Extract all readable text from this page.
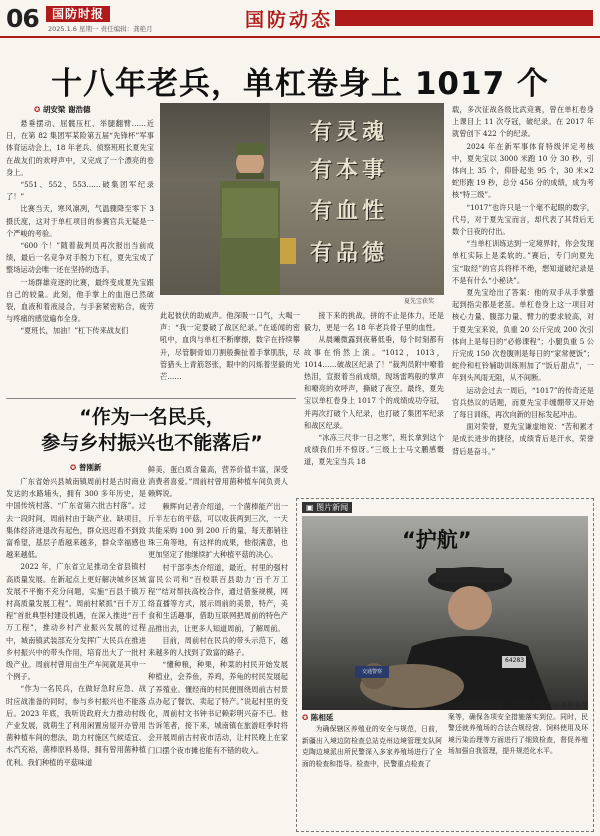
06	国防时报
2025.1.6 星期一 责任编辑：龚艳月	国防动态
十八年老兵，单杠卷身上 1017 个
✪ 胡安梁 谢浩德

悬垂摆动、屈髋压杠、举腿翻臂……近日，在第 82 集团军某险第五届“先锋杯”军事体育运动会上，18 年老兵、侦察班班长夏先宝在战友们的欢呼声中，又完成了一个漂亮的卷身上。

“551、552、553……破集团军纪录了！”

比赛当天，寒风凛冽，气温骤降至零下 3 摄氏度，这对于单杠项目的参赛官兵无疑是一个严峻的考验。

“600 个！”随着裁判员再次报出当前成绩，最后一名竞争对手脱力下杠，夏先宝成了整场运动会唯一还在坚持的选手。

一场群雄竞逐的比赛，最终变成夏先宝跟自己的较量。此刻，他手掌上的血泡已然破裂，血液和着液浸合，与手套紧密粘合，疲劳与疼痛的感觉遍布全身。

“夏班长，加油！”杠下传来战友们

有灵魂
有本事
有血性
有品德
夏先宝获奖

此起彼伏的助威声。他深吸一口气，大喝一声：“我一定要破了战区纪录。”在遥闻的密吼中，血肉与单杠不断摩擦，数字在持续攀升，尽管胴骨如刀割般撕扯着手掌肌肤，尽管猎头上青筋怒张，眼中的闪烁着坚毅的光芒……

接下来的挑战，拼的不止是体力，还是毅力，更是一名 18 年老兵骨子里的血性。

从晨曦微露到夜幕低垂，每个时刻都有故事在悄然上演。“1012，1013，1014……破战区纪录了！”裁判员附中嘹着热泪，宣报着当前成绩，现场雷鸣般的掌声和嘹亮的欢呼声，撕破了夜空。最终，夏先宝以单杠卷身上 1017 个的成绩成功夺冠，并再次打破个人纪录，也打破了集团军纪录和战区纪录。

“冰冻三尺非一日之寒”，班长拿到这个成绩我们并不惊讶。”三级上士马文鹏感慨道，夏先宝当兵 18

载，多次征战各级比武竞赛，曾在单杠卷身上课目上 11 次夺冠，破纪录。在 2017 年就曾创下 422 个的纪录。

2024 年在新军事体育特级评定考核中，夏先宝以 3000 米跑 10 分 30 秒，引体向上 35 个，仰卧起坐 95 个，30 米×2 蛇形跑 19 秒，总分 456 分的成绩，成为考核“特三级”。

“1017”也许只是一个毫不起眼的数字，代号，对于夏先宝而言，却代表了其背后无数个日夜的付出。

“当单杠训练达到一定境界时，你会发现单杠实际上是柔软的。”赛后，专门向夏先宝“取经”的官兵将样不绝，想知道破纪录是不是有什么“小秘诀”。

夏先宝给出了答案：他的双手从手掌蹙起到指尖都是老茧。单杠卷身上这一项目对核心力量、腹部力量、臂力的要求较高，对于夏先宝来说，负重 20 公斤完成 200 次引体向上是每日的“必修课程”；小腿负重 5 公斤完成 150 次卷腹则是每日的“家常便饭”；蛇伶和杠铃辅助训练则加了“饭后甜点”，一年到头风雨无阻，从不间断。

运动会过去一周后，“1017”的传奇还是官兵热议的话题，而夏先宝手缠绷带又开始了每日训练，再次向新的目标发起冲击。

面对荣誉，夏先宝谦虚地说：“苦和累才是成长进步的捷径，成绩背后是汗水，荣誉背后是奋斗。”

“作为一名民兵，
参与乡村振兴也不能落后”
✪ 曾刚新

广东省始兴县城南镇周前村是古时商业发达的水路埔头，拥有 300 多年历史，是中国传统村落、“广东省第六批古村落”。过去一段时间，周前村由于缺产业、缺项目，集体经济进退改有起色，群众迟迟看不到致富希望，基层子盾越来越多，群众幸福感也越来越低。

2022 年，广东省立足推动全省县镇村高质量发展。在新起点上更好解决城乡区域发展不平衡不充分问题，实施“百县千镇万村高质量发展工程”。周前村紧抓“百千万工程”首批典型村建设机遇，在深入推进“百千万工程”，推动乡村产业振兴发展的过程中，城南镇武装部充分发挥广大民兵在推进乡村振兴中的带头作用，培育出大了一批村级产业。周前村曾用亩生产车间就是其中一个例子。

“作为一名民兵，在做好急时应急、战时应战准备的同时，参与乡村振兴也不能落后。2023 年底，我听说政府大力推动村级产业发展，就萌生了利用闲置房屋开办曾用菌种植车间的想法，助力村施区气候适宜、水汽充裕，菌棒原料易得，拥有曾用菌种植优利。我们种植的平菇味道

鲜美，蛋白质含量高，营养价值丰富，深受消费者喜爱。”周前村曾用菌种植车间负责人赖辉说。

赖辉向记者介绍道，一个菌棒能产出一斤半左右的平菇，可以收获两到三次，一天共能采购 100 到 200 斤的量，每天都销往珠三角等地，有这样的成果，他很满意，也更加坚定了他继续扩大种植平菇的决心。

村干部李杰介绍道，最近，村里的强村富民公司和“百校联百县助力‘百千万工程’”结对帮扶高校合作，通过借鉴规模，网络直播等方式，展示周前的美景，特产，美食和生活趣事，借助互联网把周前的特色产品推出去，让更多人知道周前，了解周前。

目前，周前村在民兵的带头示范下，越来越多的人找到了致富的路子。

“懂种粮，种果，种菜的村民开始发展种植业，会养鱼，养鸡，养龟的村民发展起了养殖业。懂经商的村民便围绕周前古村景点办起了餐饮、卖起了特产。”说起村里的变化，周前村文书钟书记赖彩明兴奋不已。他告诉笔者，接下来，城南镇在旅游旺季时将会开展周前古村夜市活动，让村民晚上在家门口摆个夜市摊也能有不错的收入。

▣ 图片新闻
“护航”
交通警察
64283
✪ 陈相延

为确保辖区养殖业的安全与规范，日前，新疆出入境边防检查总站克州边境管理支队阿克陶边境派出所民警深入多家养殖场进行了全面的检查和指导。检查中，民警重点检查了

养殖场的基础设施、安全生产制度以及应急预案等，确保各项安全措施落实到位。同时，民警还就养殖场的合法合规经营、饲料使用及环境污染治理等方面进行了细致检查，督促养殖场加强自我管理，提升规范化水平。
